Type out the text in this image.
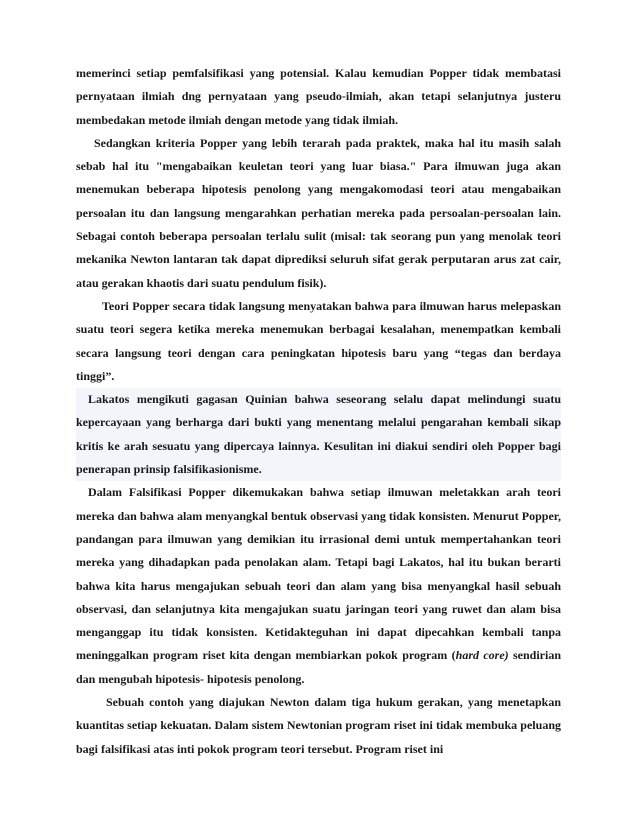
memerinci setiap pemfalsifikasi yang potensial. Kalau kemudian Popper tidak membatasi pernyataan ilmiah dng pernyataan yang pseudo-ilmiah, akan tetapi selanjutnya justeru membedakan metode ilmiah dengan metode yang tidak ilmiah.

Sedangkan kriteria Popper yang lebih terarah pada praktek, maka hal itu masih salah sebab hal itu "mengabaikan keuletan teori yang luar biasa." Para ilmuwan juga akan menemukan beberapa hipotesis penolong yang mengakomodasi teori atau mengabaikan persoalan itu dan langsung mengarahkan perhatian mereka pada persoalan-persoalan lain. Sebagai contoh beberapa persoalan terlalu sulit (misal: tak seorang pun yang menolak teori mekanika Newton lantaran tak dapat diprediksi seluruh sifat gerak perputaran arus zat cair, atau gerakan khaotis dari suatu pendulum fisik).

Teori Popper secara tidak langsung menyatakan bahwa para ilmuwan harus melepaskan suatu teori segera ketika mereka menemukan berbagai kesalahan, menempatkan kembali secara langsung teori dengan cara peningkatan hipotesis baru yang “tegas dan berdaya tinggi”.

Lakatos mengikuti gagasan Quinian bahwa seseorang selalu dapat melindungi suatu kepercayaan yang berharga dari bukti yang menentang melalui pengarahan kembali sikap kritis ke arah sesuatu yang dipercaya lainnya. Kesulitan ini diakui sendiri oleh Popper bagi penerapan prinsip falsifikasionisme.

Dalam Falsifikasi Popper dikemukakan bahwa setiap ilmuwan meletakkan arah teori mereka dan bahwa alam menyangkal bentuk observasi yang tidak konsisten. Menurut Popper, pandangan para ilmuwan yang demikian itu irrasional demi untuk mempertahankan teori mereka yang dihadapkan pada penolakan alam. Tetapi bagi Lakatos, hal itu bukan berarti bahwa kita harus mengajukan sebuah teori dan alam yang bisa menyangkal hasil sebuah observasi, dan selanjutnya kita mengajukan suatu jaringan teori yang ruwet dan alam bisa menganggap itu tidak konsisten. Ketidakteguhan ini dapat dipecahkan kembali tanpa meninggalkan program riset kita dengan membiarkan pokok program (hard core) sendirian dan mengubah hipotesis- hipotesis penolong.

Sebuah contoh yang diajukan Newton dalam tiga hukum gerakan, yang menetapkan kuantitas setiap kekuatan. Dalam sistem Newtonian program riset ini tidak membuka peluang bagi falsifikasi atas inti pokok program teori tersebut. Program riset ini
